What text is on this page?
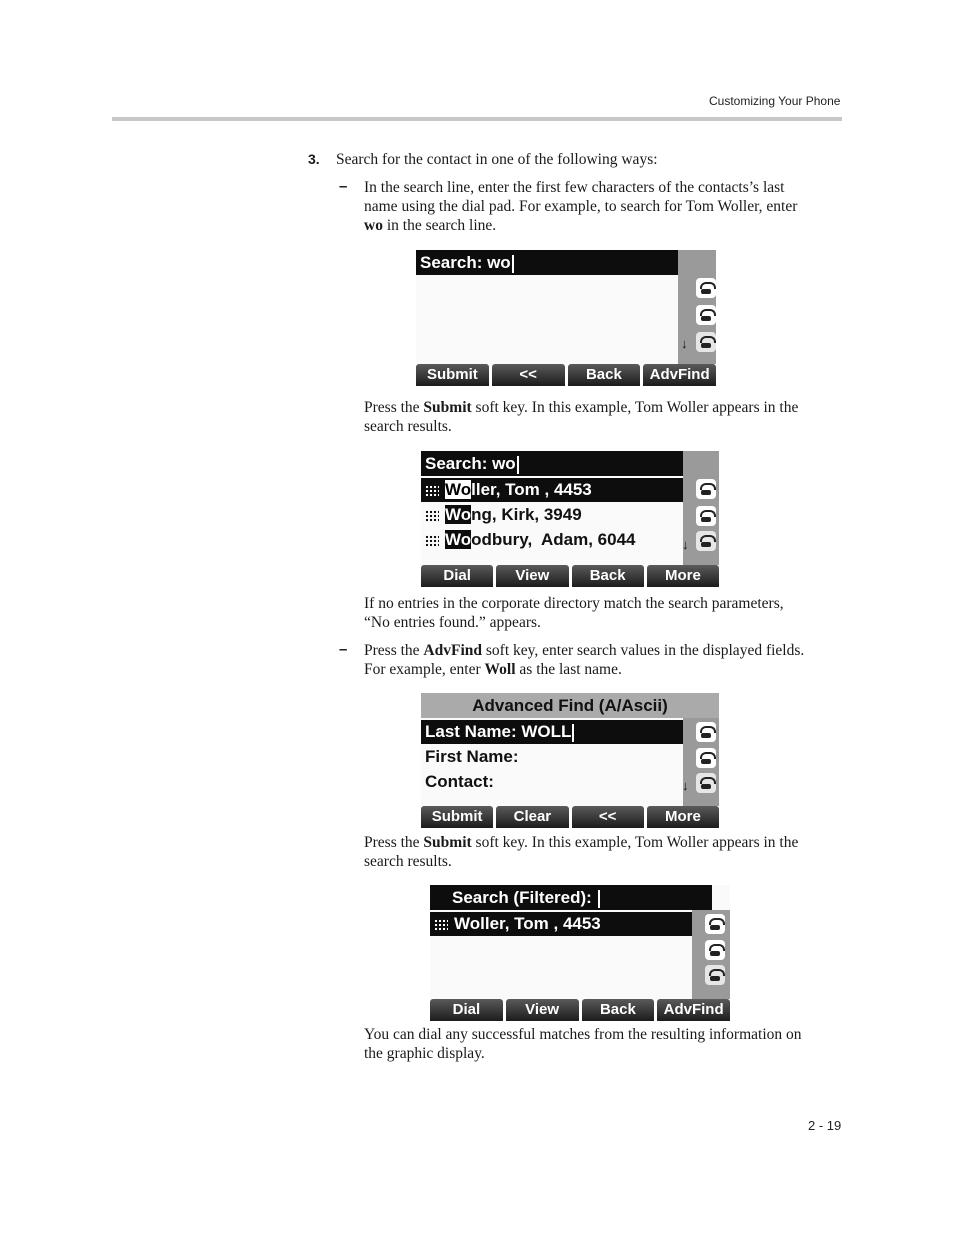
Customizing Your Phone
3. Search for the contact in one of the following ways:
– In the search line, enter the first few characters of the contacts’s last
name using the dial pad. For example, to search for Tom Woller, enter
wo in the search line.
Search: wo
↓
Submit	<<	Back	AdvFind
Press the Submit soft key. In this example, Tom Woller appears in the
search results.
Search: wo
Woller, Tom , 4453
Wong, Kirk, 3949
Woodbury,  Adam, 6044	↓
Dial	View	Back	More
If no entries in the corporate directory match the search parameters,
“No entries found.” appears.
– Press the AdvFind soft key, enter search values in the displayed fields.
For example, enter Woll as the last name.
Advanced Find (A/Ascii)
Last Name: WOLL
First Name:
Contact:	↓
Submit	Clear	<<	More
Press the Submit soft key. In this example, Tom Woller appears in the
search results.
Search (Filtered):
Woller, Tom , 4453
Dial	View	Back	AdvFind
You can dial any successful matches from the resulting information on
the graphic display.
2 - 19
